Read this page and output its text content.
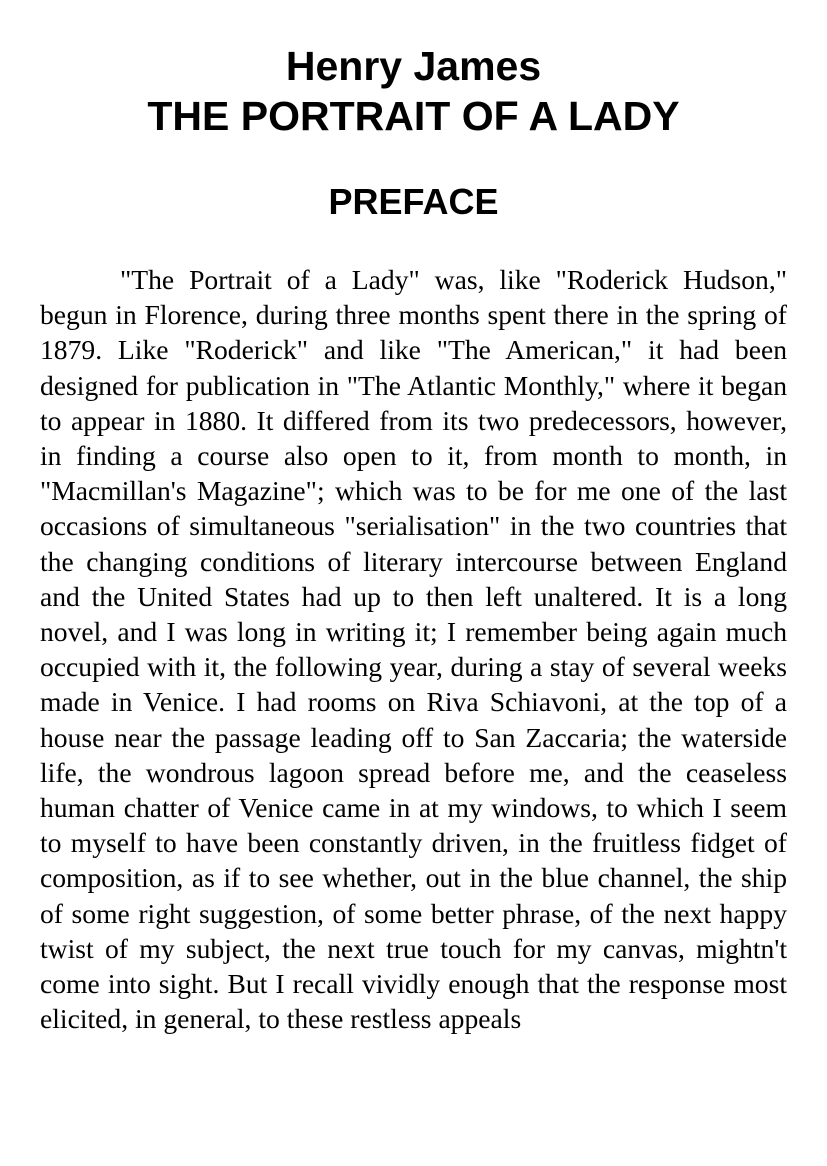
Henry James
THE PORTRAIT OF A LADY
PREFACE

"The Portrait of a Lady" was, like "Roderick Hudson," begun in Florence, during three months spent there in the spring of 1879. Like "Roderick" and like "The American," it had been designed for publication in "The Atlantic Monthly," where it began to appear in 1880. It differed from its two predecessors, however, in finding a course also open to it, from month to month, in "Macmillan's Magazine"; which was to be for me one of the last occasions of simultaneous "serialisation" in the two countries that the changing conditions of literary intercourse between England and the United States had up to then left unaltered. It is a long novel, and I was long in writing it; I remember being again much occupied with it, the following year, during a stay of several weeks made in Venice. I had rooms on Riva Schiavoni, at the top of a house near the passage leading off to San Zaccaria; the waterside life, the wondrous lagoon spread before me, and the ceaseless human chatter of Venice came in at my windows, to which I seem to myself to have been constantly driven, in the fruitless fidget of composition, as if to see whether, out in the blue channel, the ship of some right suggestion, of some better phrase, of the next happy twist of my subject, the next true touch for my canvas, mightn't come into sight. But I recall vividly enough that the response most elicited, in general, to these restless appeals
